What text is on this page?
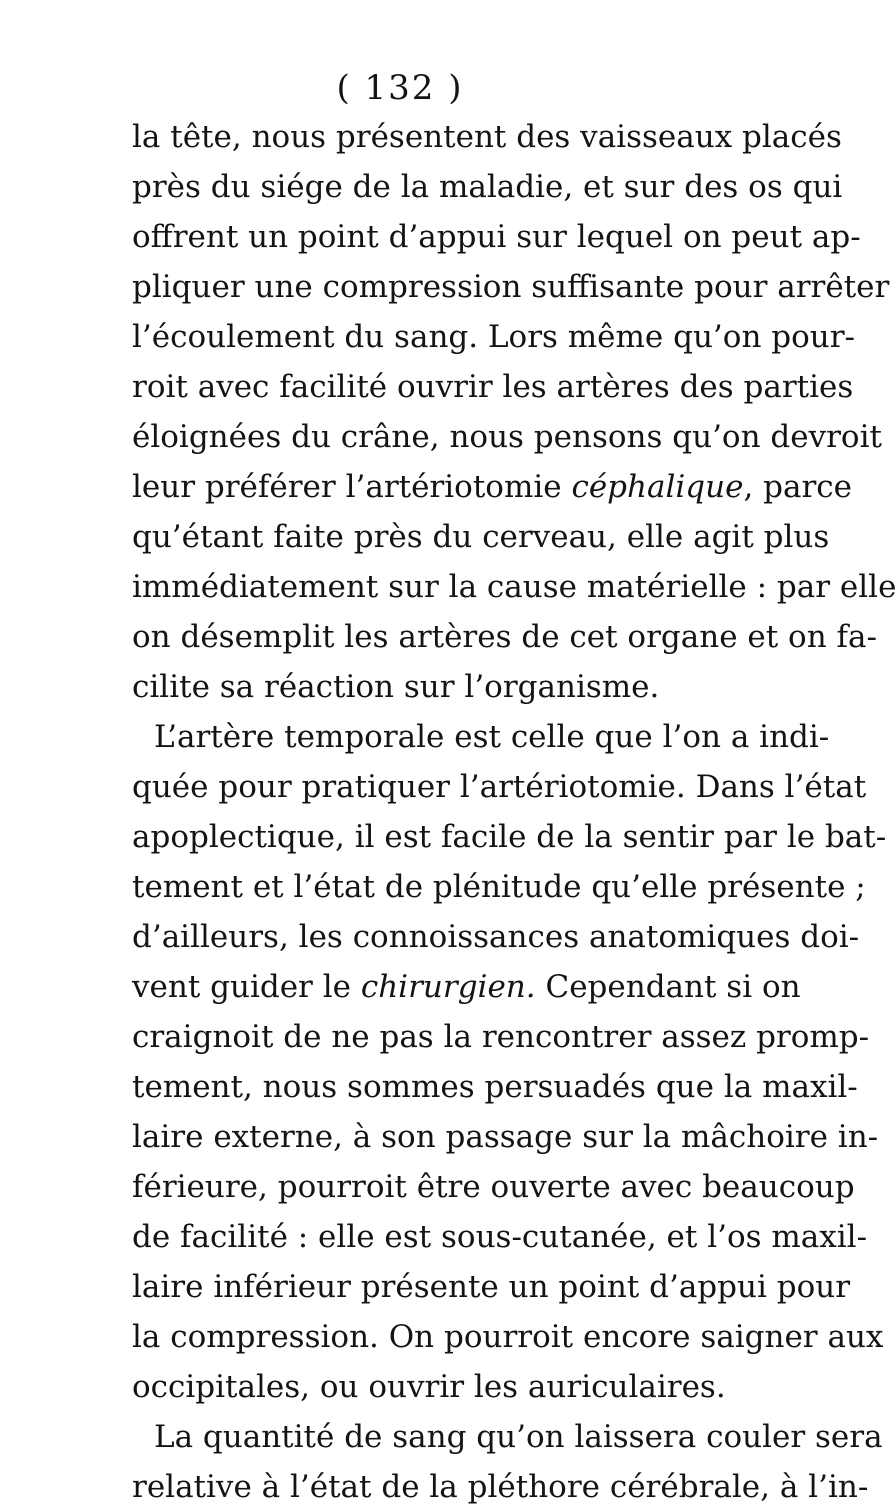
( 132 )
la tête, nous présentent des vaisseaux placés
près du siége de la maladie, et sur des os qui
offrent un point d’appui sur lequel on peut ap-
pliquer une compression suffisante pour arrêter
l’écoulement du sang. Lors même qu’on pour-
roit avec facilité ouvrir les artères des parties
éloignées du crâne, nous pensons qu’on devroit
leur préférer l’artériotomie céphalique, parce
qu’étant faite près du cerveau, elle agit plus
immédiatement sur la cause matérielle : par elle
on désemplit les artères de cet organe et on fa-
cilite sa réaction sur l’organisme.
L’artère temporale est celle que l’on a indi-
quée pour pratiquer l’artériotomie. Dans l’état
apoplectique, il est facile de la sentir par le bat-
tement et l’état de plénitude qu’elle présente ;
d’ailleurs, les connoissances anatomiques doi-
vent guider le chirurgien. Cependant si on
craignoit de ne pas la rencontrer assez promp-
tement, nous sommes persuadés que la maxil-
laire externe, à son passage sur la mâchoire in-
férieure, pourroit être ouverte avec beaucoup
de facilité : elle est sous-cutanée, et l’os maxil-
laire inférieur présente un point d’appui pour
la compression. On pourroit encore saigner aux
occipitales, ou ouvrir les auriculaires.
La quantité de sang qu’on laissera couler sera
relative à l’état de la pléthore cérébrale, à l’in-
